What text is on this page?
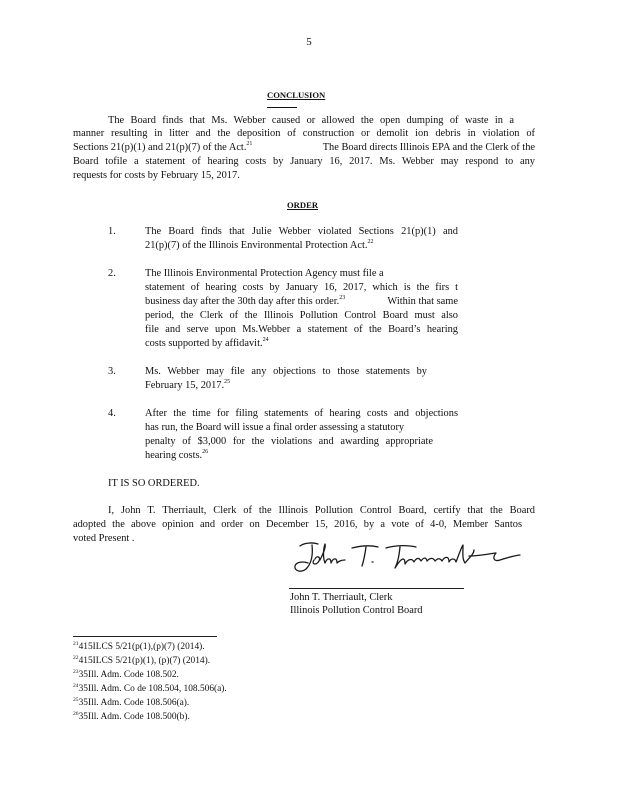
5
CONCLUSION
The Board finds that Ms. Webber caused or allowed the open dumping of waste in a
manner resulting in litter and the deposition of construction or demolit ion debris in violation of
Sections 21(p)(1) and 21(p)(7) of the Act.$^{21}$	The Board directs Illinois EPA and the Clerk of the
Board tofile a statement of hearing costs by January 16, 2017. Ms. Webber may respond to any
requests for costs by February 15, 2017.
ORDER
1.	The Board finds that Julie Webber violated Sections 21(p)(1) and
21(p)(7) of the Illinois Environmental Protection Act.$^{22}$
2.	The Illinois Environmental Protection Agency must file a
statement of hearing costs by January 16, 2017, which is the firs t
business day after the 30th day after this order.$^{23}$	Within that same
period, the Clerk of the Illinois Pollution Control Board must also
file and serve upon Ms.Webber a statement of the Board’s hearing
costs supported by affidavit.$^{24}$
3.	Ms. Webber may file any objections to those statements by
February 15, 2017.25
4.	After the time for filing statements of hearing costs and objections
has run, the Board will issue a final order assessing a statutory
penalty of $3,000 for the violations and awarding appropriate
hearing costs.$^{26}$
IT IS SO ORDERED.
I, John T. Therriault, Clerk of the Illinois Pollution Control Board, certify that the Board
adopted the above opinion and order on December 15, 2016, by a vote of 4-0, Member Santos
voted Present .
John T. Therriault, Clerk
Illinois Pollution Control Board
$^{21}$415ILCS 5/21(p(1),(p)(7) (2014).
$^{22}$415ILCS 5/21(p)(1), (p)(7) (2014).
$^{23}$35Ill. Adm. Code 108.502.
$^{24}$35Ill. Adm. Co de 108.504, 108.506(a).
$^{25}$35Ill. Adm. Code 108.506(a).
$^{26}$35Ill. Adm. Code 108.500(b).
